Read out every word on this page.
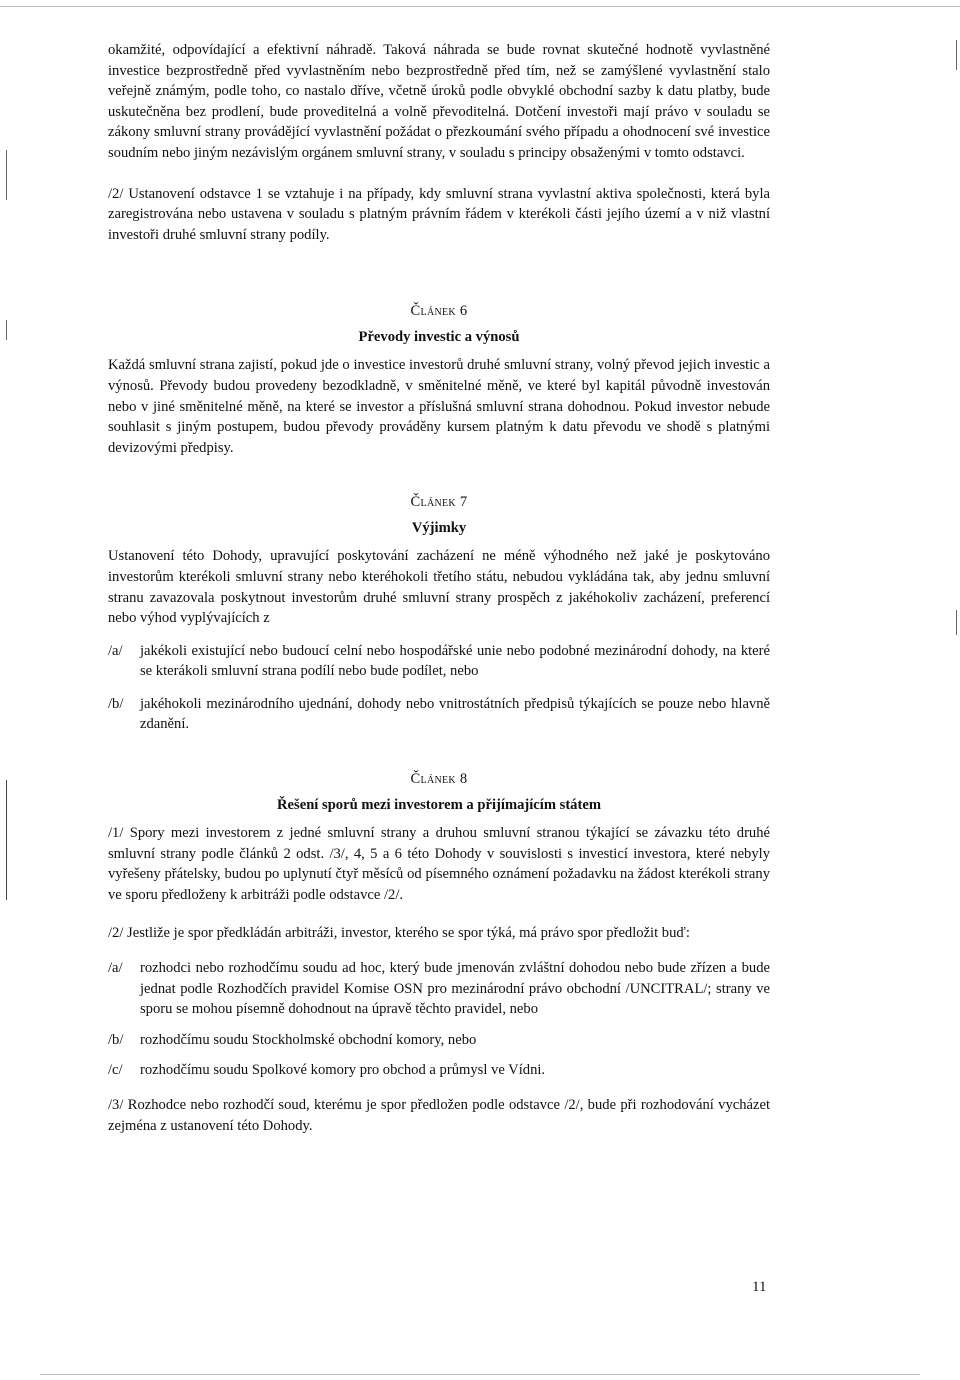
okamžité, odpovídající a efektivní náhradě. Taková náhrada se bude rovnat skutečné hodnotě vyvlastněné investice bezprostředně před vyvlastněním nebo bezprostředně před tím, než se zamýšlené vyvlastnění stalo veřejně známým, podle toho, co nastalo dříve, včetně úroků podle obvyklé obchodní sazby k datu platby, bude uskutečněna bez prodlení, bude proveditelná a volně převoditelná. Dotčení investoři mají právo v souladu se zákony smluvní strany provádějící vyvlastnění požádat o přezkoumání svého případu a ohodnocení své investice soudním nebo jiným nezávislým orgánem smluvní strany, v souladu s principy obsaženými v tomto odstavci.

/2/ Ustanovení odstavce 1 se vztahuje i na případy, kdy smluvní strana vyvlastní aktiva společnosti, která byla zaregistrována nebo ustavena v souladu s platným právním řádem v kterékoli části jejího území a v niž vlastní investoři druhé smluvní strany podíly.

Článek 6

Převody investic a výnosů

Každá smluvní strana zajistí, pokud jde o investice investorů druhé smluvní strany, volný převod jejich investic a výnosů. Převody budou provedeny bezodkladně, v směnitelné měně, ve které byl kapitál původně investován nebo v jiné směnitelné měně, na které se investor a příslušná smluvní strana dohodnou. Pokud investor nebude souhlasit s jiným postupem, budou převody prováděny kursem platným k datu převodu ve shodě s platnými devizovými předpisy.

Článek 7

Výjimky

Ustanovení této Dohody, upravující poskytování zacházení ne méně výhodného než jaké je poskytováno investorům kterékoli smluvní strany nebo kteréhokoli třetího státu, nebudou vykládána tak, aby jednu smluvní stranu zavazovala poskytnout investorům druhé smluvní strany prospěch z jakéhokoliv zacházení, preferencí nebo výhod vyplývajících z

/a/	jakékoli existující nebo budoucí celní nebo hospodářské unie nebo podobné mezinárodní dohody, na které se kterákoli smluvní strana podílí nebo bude podílet, nebo
/b/	jakéhokoli mezinárodního ujednání, dohody nebo vnitrostátních předpisů týkajících se pouze nebo hlavně zdanění.

Článek 8

Řešení sporů mezi investorem a přijímajícím státem

/1/ Spory mezi investorem z jedné smluvní strany a druhou smluvní stranou týkající se závazku této druhé smluvní strany podle článků 2 odst. /3/, 4, 5 a 6 této Dohody v souvislosti s investicí investora, které nebyly vyřešeny přátelsky, budou po uplynutí čtyř měsíců od písemného oznámení požadavku na žádost kterékoli strany ve sporu předloženy k arbitráži podle odstavce /2/.

/2/ Jestliže je spor předkládán arbitráži, investor, kterého se spor týká, má právo spor předložit buď:

/a/	rozhodci nebo rozhodčímu soudu ad hoc, který bude jmenován zvláštní dohodou nebo bude zřízen a bude jednat podle Rozhodčích pravidel Komise OSN pro mezinárodní právo obchodní /UNCITRAL/; strany ve sporu se mohou písemně dohodnout na úpravě těchto pravidel, nebo
/b/	rozhodčímu soudu Stockholmské obchodní komory, nebo
/c/	rozhodčímu soudu Spolkové komory pro obchod a průmysl ve Vídni.

/3/ Rozhodce nebo rozhodčí soud, kterému je spor předložen podle odstavce /2/, bude při rozhodování vycházet zejména z ustanovení této Dohody.

11
